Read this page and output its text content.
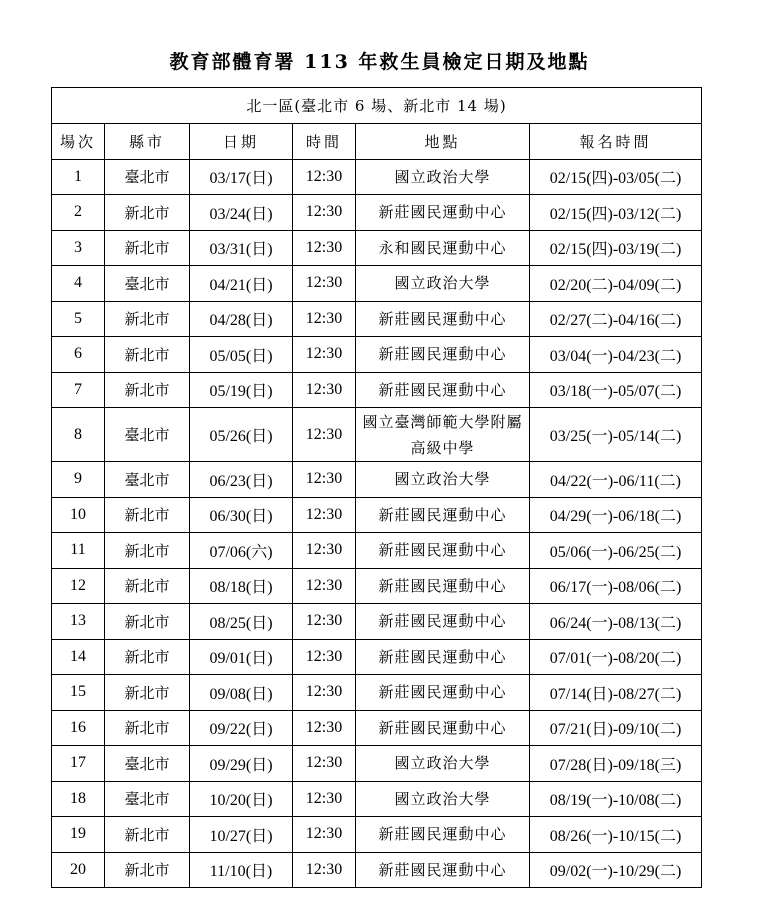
教育部體育署 113 年救生員檢定日期及地點
北一區(臺北市 6 場、新北市 14 場)					
場次	縣市	日期	時間	地點	報名時間
1	臺北市	03/17(日)	12:30	國立政治大學	02/15(四)-03/05(二)
2	新北市	03/24(日)	12:30	新莊國民運動中心	02/15(四)-03/12(二)
3	新北市	03/31(日)	12:30	永和國民運動中心	02/15(四)-03/19(二)
4	臺北市	04/21(日)	12:30	國立政治大學	02/20(二)-04/09(二)
5	新北市	04/28(日)	12:30	新莊國民運動中心	02/27(二)-04/16(二)
6	新北市	05/05(日)	12:30	新莊國民運動中心	03/04(一)-04/23(二)
7	新北市	05/19(日)	12:30	新莊國民運動中心	03/18(一)-05/07(二)
8	臺北市	05/26(日)	12:30	國立臺灣師範大學附屬高級中學	03/25(一)-05/14(二)
9	臺北市	06/23(日)	12:30	國立政治大學	04/22(一)-06/11(二)
10	新北市	06/30(日)	12:30	新莊國民運動中心	04/29(一)-06/18(二)
11	新北市	07/06(六)	12:30	新莊國民運動中心	05/06(一)-06/25(二)
12	新北市	08/18(日)	12:30	新莊國民運動中心	06/17(一)-08/06(二)
13	新北市	08/25(日)	12:30	新莊國民運動中心	06/24(一)-08/13(二)
14	新北市	09/01(日)	12:30	新莊國民運動中心	07/01(一)-08/20(二)
15	新北市	09/08(日)	12:30	新莊國民運動中心	07/14(日)-08/27(二)
16	新北市	09/22(日)	12:30	新莊國民運動中心	07/21(日)-09/10(二)
17	臺北市	09/29(日)	12:30	國立政治大學	07/28(日)-09/18(三)
18	臺北市	10/20(日)	12:30	國立政治大學	08/19(一)-10/08(二)
19	新北市	10/27(日)	12:30	新莊國民運動中心	08/26(一)-10/15(二)
20	新北市	11/10(日)	12:30	新莊國民運動中心	09/02(一)-10/29(二)
